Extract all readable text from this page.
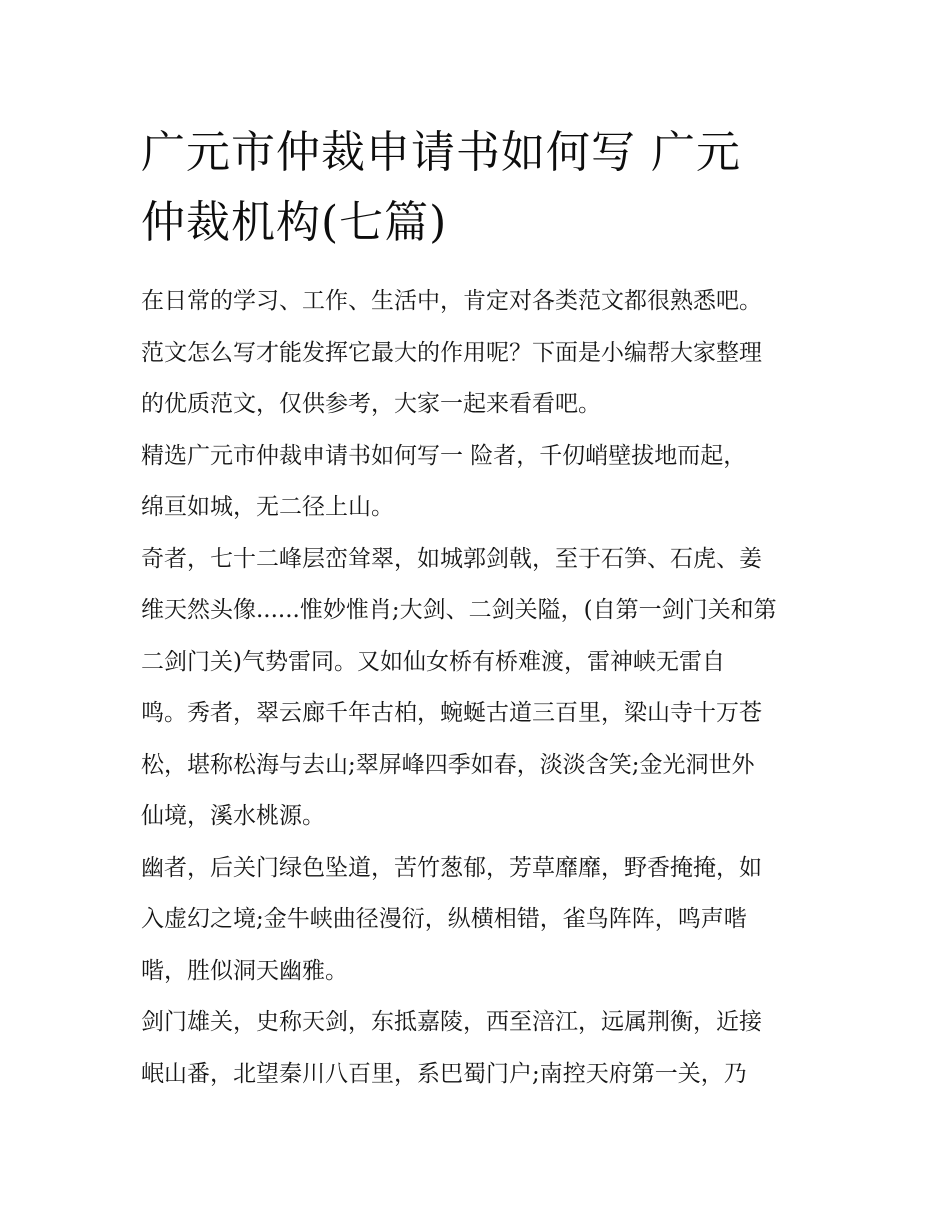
广元市仲裁申请书如何写 广元
仲裁机构(七篇)

在日常的学习、工作、生活中，肯定对各类范文都很熟悉吧。
范文怎么写才能发挥它最大的作用呢？下面是小编帮大家整理
的优质范文，仅供参考，大家一起来看看吧。

精选广元市仲裁申请书如何写一 险者，千仞峭壁拔地而起，
绵亘如城，无二径上山。

奇者，七十二峰层峦耸翠，如城郭剑戟，至于石笋、石虎、姜
维天然头像......惟妙惟肖;大剑、二剑关隘，(自第一剑门关和第
二剑门关)气势雷同。又如仙女桥有桥难渡，雷神峡无雷自
鸣。秀者，翠云廊千年古柏，蜿蜒古道三百里，梁山寺十万苍
松，堪称松海与去山;翠屏峰四季如春，淡淡含笑;金光洞世外
仙境，溪水桃源。

幽者，后关门绿色坠道，苦竹葱郁，芳草靡靡，野香掩掩，如
入虚幻之境;金牛峡曲径漫衍，纵横相错，雀鸟阵阵，鸣声喈
喈，胜似洞天幽雅。

剑门雄关，史称天剑，东抵嘉陵，西至涪江，远属荆衡，近接
岷山番，北望秦川八百里，系巴蜀门户;南控天府第一关，乃
